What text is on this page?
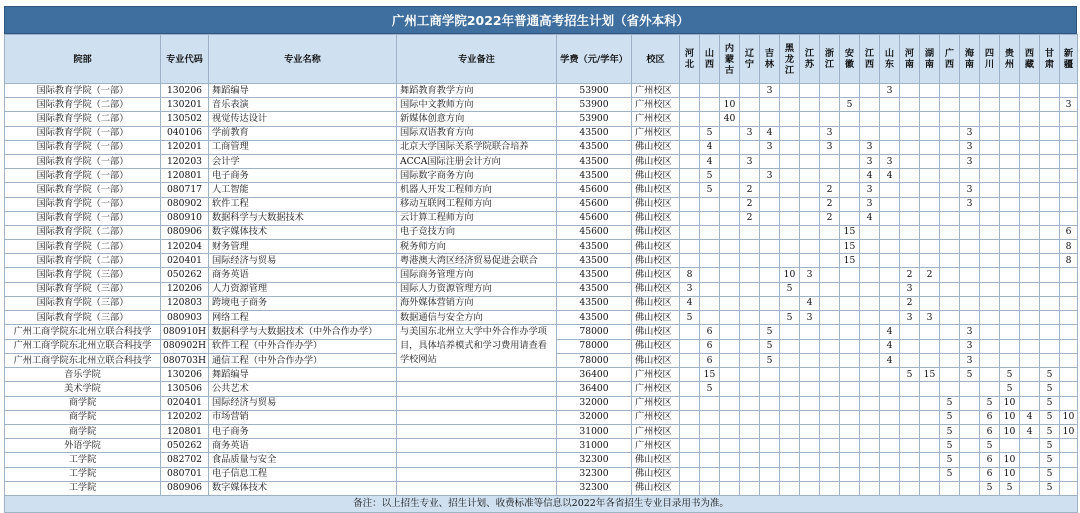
广州工商学院2022年普通高考招生计划（省外本科）
院部	专业代码	专业名称	专业备注	学费（元/学年）	校区	河北	山西	内蒙古	辽宁	吉林	黑龙江	江苏	浙江	安徽	江西	山东	河南	湖南	广西	海南	四川	贵州	西藏	甘肃	新疆
国际教育学院（一部）	130206	舞蹈编导	舞蹈教育教学方向	53900	广州校区					3						3									
国际教育学院（二部）	130201	音乐表演	国际中文教师方向	53900	广州校区			10						5											3
国际教育学院（二部）	130502	视觉传达设计	新媒体创意方向	53900	广州校区			40																	
国际教育学院（一部）	040106	学前教育	国际双语教育方向	43500	广州校区		5		3	4			3							3					
国际教育学院（一部）	120201	工商管理	北京大学国际关系学院联合培养	43500	佛山校区		4			3			3		3					3					
国际教育学院（一部）	120203	会计学	ACCA国际注册会计方向	43500	佛山校区		4		3						3	3				3					
国际教育学院（一部）	120801	电子商务	国际数字商务方向	43500	佛山校区		5			3					4	4									
国际教育学院（一部）	080717	人工智能	机器人开发工程师方向	45600	佛山校区		5		2				2		3					3					
国际教育学院（一部）	080902	软件工程	移动互联网工程师方向	45600	佛山校区				2				2		3					3					
国际教育学院（一部）	080910	数据科学与大数据技术	云计算工程师方向	45600	佛山校区				2				2		4										
国际教育学院（二部）	080906	数字媒体技术	电子竞技方向	45600	佛山校区									15											6
国际教育学院（二部）	120204	财务管理	税务师方向	43500	佛山校区									15											8
国际教育学院（二部）	020401	国际经济与贸易	粤港澳大湾区经济贸易促进会联合	43500	佛山校区									15											8
国际教育学院（三部）	050262	商务英语	国际商务管理方向	43500	佛山校区	8					10	3					2	2							
国际教育学院（三部）	120206	人力资源管理	国际人力资源管理方向	43500	佛山校区	3					5						3								
国际教育学院（三部）	120803	跨境电子商务	海外媒体营销方向	43500	佛山校区	4						4					2								
国际教育学院（三部）	080903	网络工程	数据通信与安全方向	43500	佛山校区	5					5	3					3	3							
广州工商学院东北州立联合科技学	080910H	数据科学与大数据技术（中外合作办学）	与美国东北州立大学中外合作办学项目，具体培养模式和学习费用请查看学校网站	78000	佛山校区		6			5						4				3					
广州工商学院东北州立联合科技学	080902H	软件工程（中外合作办学）		78000	佛山校区		6			5						4				3					
广州工商学院东北州立联合科技学	080703H	通信工程（中外合作办学）		78000	佛山校区		6			5						4				3					
音乐学院	130206	舞蹈编导		36400	广州校区		15										5	15		5		5		5	
美术学院	130506	公共艺术		36400	广州校区		5															5		5	
商学院	020401	国际经济与贸易		32000	广州校区														5		5	10		5	
商学院	120202	市场营销		32000	广州校区														5		6	10	4	5	10
商学院	120801	电子商务		31000	广州校区														5		6	10	4	5	10
外语学院	050262	商务英语		31000	广州校区														5		5			5	
工学院	082702	食品质量与安全		32300	佛山校区														5		6	10		5	
工学院	080701	电子信息工程		32300	佛山校区														5		6	10		5	
工学院	080906	数字媒体技术		32300	佛山校区																5	5		5	
备注：以上招生专业、招生计划、收费标准等信息以2022年各省招生专业目录用书为准。																									
